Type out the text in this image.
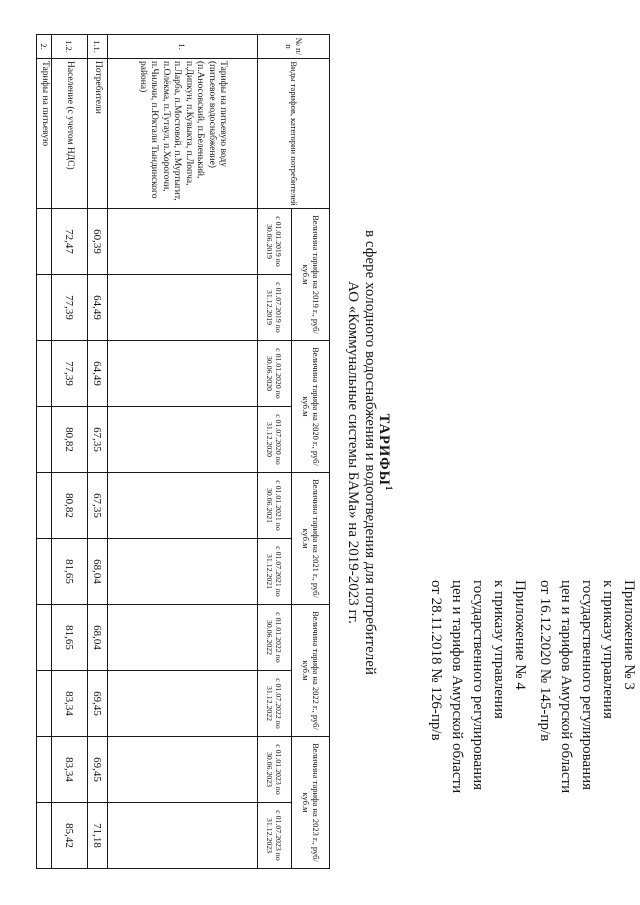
Приложение № 3
к приказу управления
государственного регулирования
цен и тарифов Амурской области
от 16.12.2020 № 145-пр/в
Приложение № 4
к приказу управления
государственного регулирования
цен и тарифов Амурской области
от 28.11.2018 № 126-пр/в
ТАРИФЫ$^1$
в сфере холодного водоснабжения и водоотведения для потребителей
АО «Коммунальные системы БАМа» на 2019-2023 гг.
№ п/п	Виды тарифов, категории потребителей	Величина тарифа на 2019 г., руб/куб.м		Величина тарифа на 2020 г., руб/куб.м		Величина тарифа на 2021 г., руб/куб.м		Величина тарифа на 2022 г., руб/куб.м		Величина тарифа на 2023 г., руб/куб.м	
		с 01.01.2019 по 30.06.2019	с 01.07.2019 по 31.12.2019	с 01.01.2020 по 30.06.2020	с 01.07.2020 по 31.12.2020	с 01.01.2021 по 30.06.2021	с 01.07.2021 по 31.12.2021	с 01.01.2022 по 30.06.2022	с 01.07.2022 по 31.12.2022	с 01.01.2023 по 30.06.2023	с 01.07.2023 по 31.12.2023
1.	Тарифы на питьевую воду (питьевое водоснабжение) (п.Аносовский, п.Беленький, п.Дипкун, п.Кувыкта, п.Лопча, п.Ларба, п.Мостовой, п.Муртыгит, п.Олёкма, п.Тутаул, п.Хорогочи, п.Чильчи, п.Юктали Тындинского района)										
1.1.	Потребители	60,39	64,49	64,49	67,35	67,35	68,04	68,04	69,45	69,45	71,18
1.2.	Население (с учетом НДС)	72,47	77,39	77,39	80,82	80,82	81,65	81,65	83,34	83,34	85,42
2.	Тарифы на питьевую										
